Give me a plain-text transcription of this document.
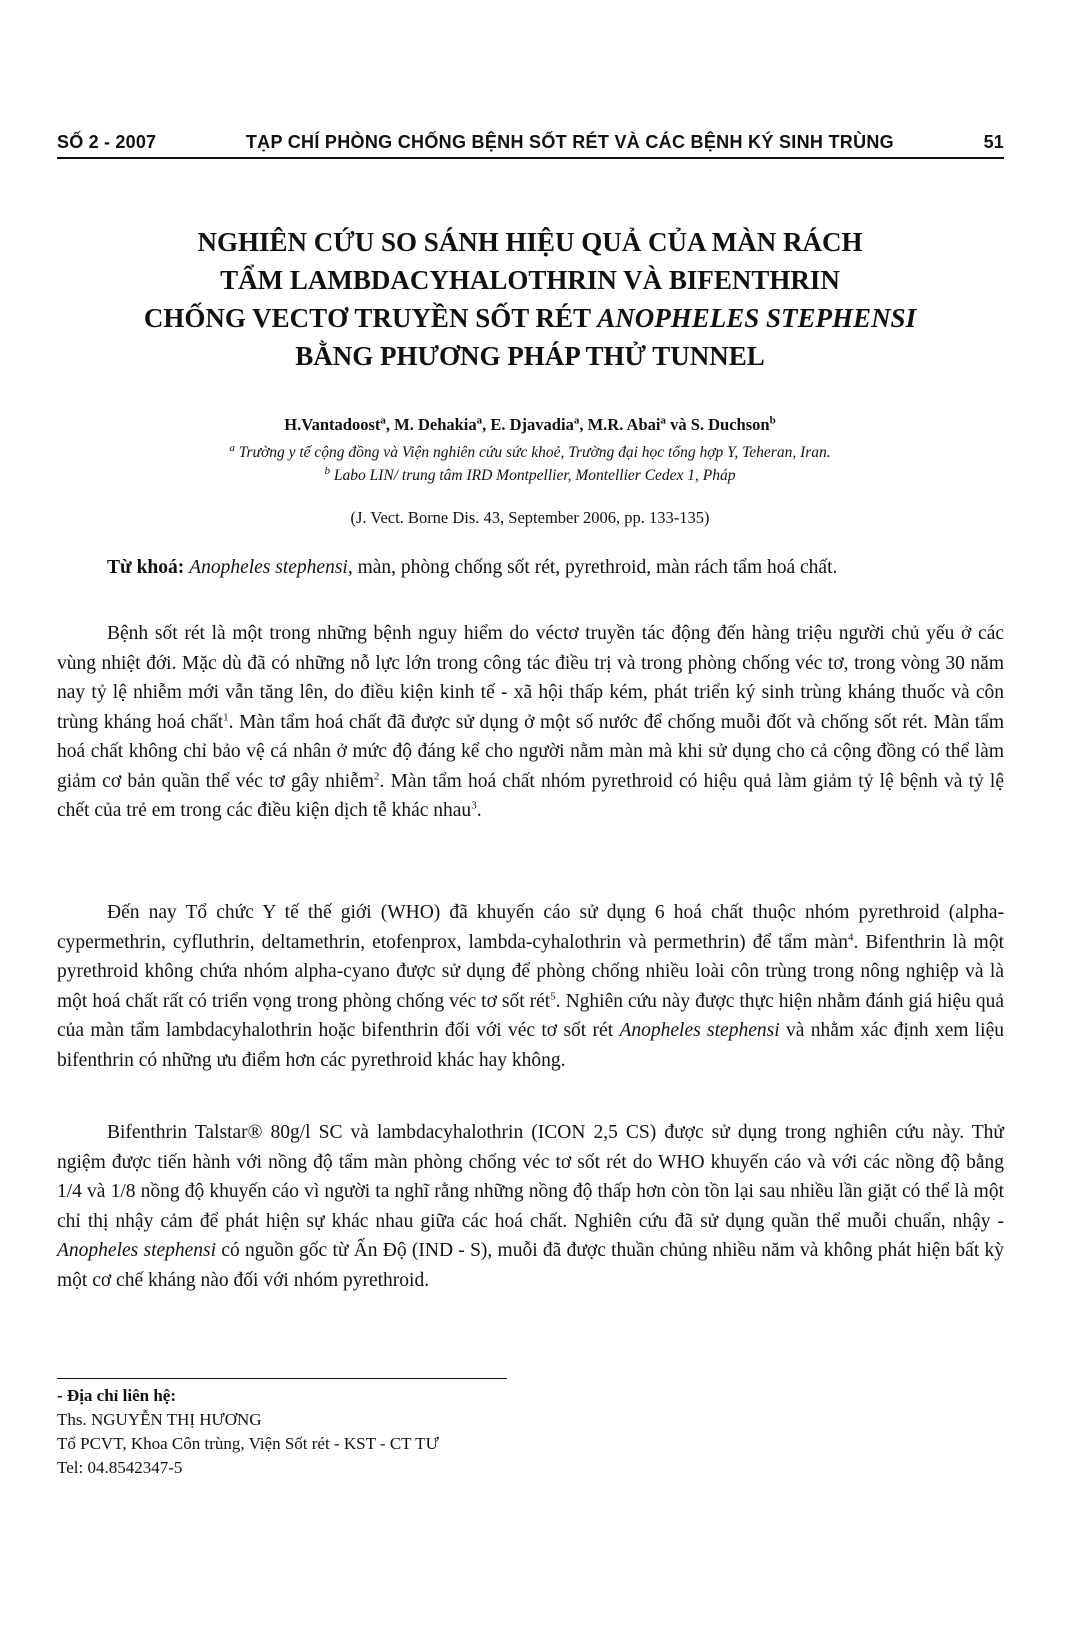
SỐ 2 - 2007	TẠP CHÍ PHÒNG CHỐNG BỆNH SỐT RÉT VÀ CÁC BỆNH KÝ SINH TRÙNG	51
NGHIÊN CỨU SO SÁNH HIỆU QUẢ CỦA MÀN RÁCH
TẨM LAMBDACYHALOTHRIN VÀ BIFENTHRIN
CHỐNG VECTƠ TRUYỀN SỐT RÉT ANOPHELES STEPHENSI
BẰNG PHƯƠNG PHÁP THỬ TUNNEL
H.Vantadoost$^a$, M. Dehakia$^a$, E. Djavadia$^a$, M.R. Abai$^a$ và S. Duchson$^b$
$^a$ Trường y tế cộng đồng và Viện nghiên cứu sức khoẻ, Trường đại học tổng hợp Y, Teheran, Iran.
$^b$ Labo LIN/ trung tâm IRD Montpellier, Montellier Cedex 1, Pháp
(J. Vect. Borne Dis. 43, September 2006, pp. 133-135)

Từ khoá: Anopheles stephensi, màn, phòng chống sốt rét, pyrethroid, màn rách tẩm hoá chất.

Bệnh sốt rét là một trong những bệnh nguy hiểm do véctơ truyền tác động đến hàng triệu người chủ yếu ở các vùng nhiệt đới. Mặc dù đã có những nỗ lực lớn trong công tác điều trị và trong phòng chống véc tơ, trong vòng 30 năm nay tỷ lệ nhiễm mới vẫn tăng lên, do điều kiện kinh tế - xã hội thấp kém, phát triển ký sinh trùng kháng thuốc và côn trùng kháng hoá chất$^1$. Màn tẩm hoá chất đã được sử dụng ở một số nước để chống muỗi đốt và chống sốt rét. Màn tẩm hoá chất không chỉ bảo vệ cá nhân ở mức độ đáng kể cho người nằm màn mà khi sử dụng cho cả cộng đồng có thể làm giảm cơ bản quần thể véc tơ gây nhiễm$^2$. Màn tẩm hoá chất nhóm pyrethroid có hiệu quả làm giảm tỷ lệ bệnh và tỷ lệ chết của trẻ em trong các điều kiện dịch tễ khác nhau$^3$.

Đến nay Tổ chức Y tế thế giới (WHO) đã khuyến cáo sử dụng 6 hoá chất thuộc nhóm pyrethroid (alpha-cypermethrin, cyfluthrin, deltamethrin, etofenprox, lambda-cyhalothrin và permethrin) để tẩm màn$^4$. Bifenthrin là một pyrethroid không chứa nhóm alpha-cyano được sử dụng để phòng chống nhiều loài côn trùng trong nông nghiệp và là một hoá chất rất có triển vọng trong phòng chống véc tơ sốt rét$^5$. Nghiên cứu này được thực hiện nhằm đánh giá hiệu quả của màn tẩm lambdacyhalothrin hoặc bifenthrin đối với véc tơ sốt rét Anopheles stephensi và nhằm xác định xem liệu bifenthrin có những ưu điểm hơn các pyrethroid khác hay không.

Bifenthrin Talstar® 80g/l SC và lambdacyhalothrin (ICON 2,5 CS) được sử dụng trong nghiên cứu này. Thử ngiệm được tiến hành với nồng độ tẩm màn phòng chống véc tơ sốt rét do WHO khuyến cáo và với các nồng độ bằng 1/4 và 1/8 nồng độ khuyến cáo vì người ta nghĩ rằng những nồng độ thấp hơn còn tồn lại sau nhiều lần giặt có thể là một chỉ thị nhậy cảm để phát hiện sự khác nhau giữa các hoá chất. Nghiên cứu đã sử dụng quần thể muỗi chuẩn, nhậy - Anopheles stephensi có nguồn gốc từ Ấn Độ (IND - S), muỗi đã được thuần chủng nhiều năm và không phát hiện bất kỳ một cơ chế kháng nào đối với nhóm pyrethroid.

- Địa chỉ liên hệ:
Ths. NGUYỄN THỊ HƯƠNG
Tổ PCVT, Khoa Côn trùng, Viện Sốt rét - KST - CT TƯ
Tel: 04.8542347-5
